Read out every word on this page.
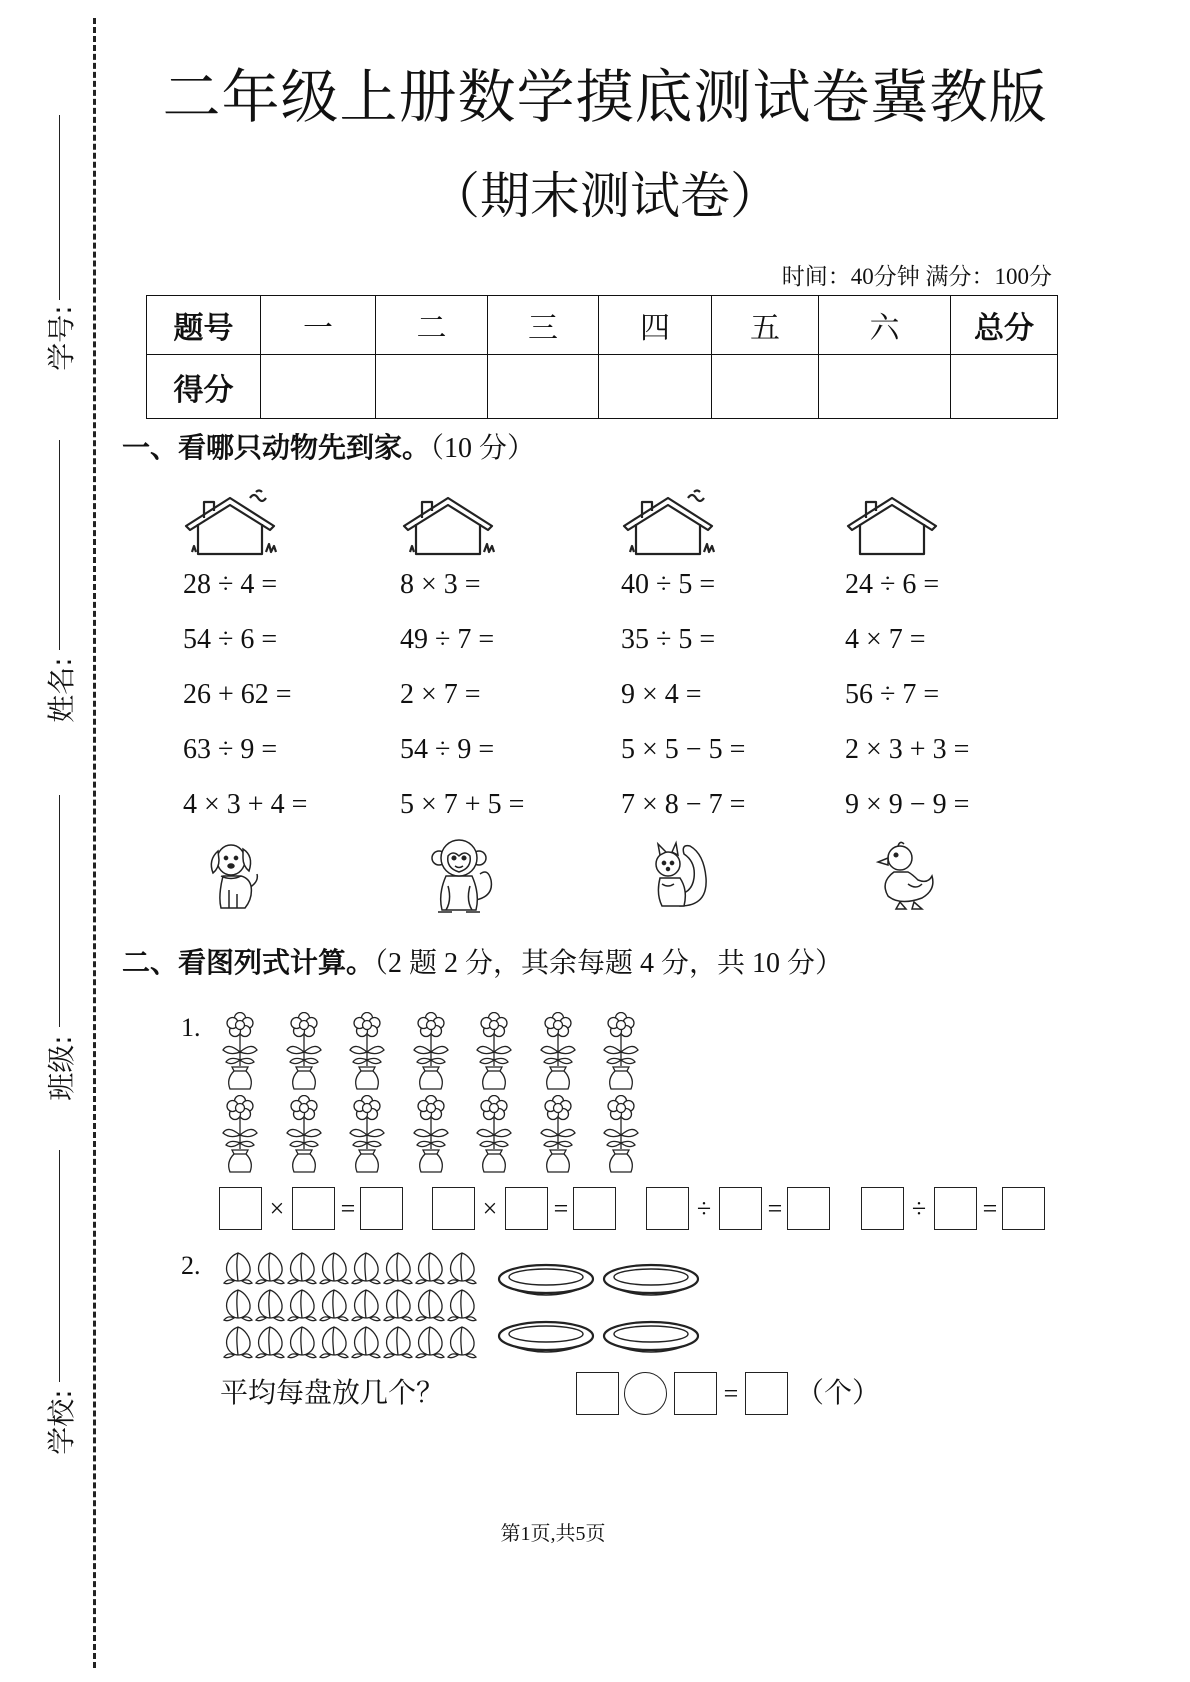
学号:
姓名:
班级:
学校:
二年级上册数学摸底测试卷冀教版
（期末测试卷）
时间：40分钟 满分：100分
题号	一	二	三	四	五	六	总分
得分							
一、看哪只动物先到家。（10 分）
28 ÷ 4 =
54 ÷ 6 =
26 + 62 =
63 ÷ 9 =
4 × 3 + 4 =
8 × 3 =
49 ÷ 7 =
2 × 7 =
54 ÷ 9 =
5 × 7 + 5 =
40 ÷ 5 =
35 ÷ 5 =
9 × 4 =
5 × 5 − 5 =
7 × 8 − 7 =
24 ÷ 6 =
4 × 7 =
56 ÷ 7 =
2 × 3 + 3 =
9 × 9 − 9 =
二、看图列式计算。（2 题 2 分，其余每题 4 分，共 10 分）
1.
× =	× =	÷	=	÷	=
2.
平均每盘放几个？	= （个）
第1页,共5页
